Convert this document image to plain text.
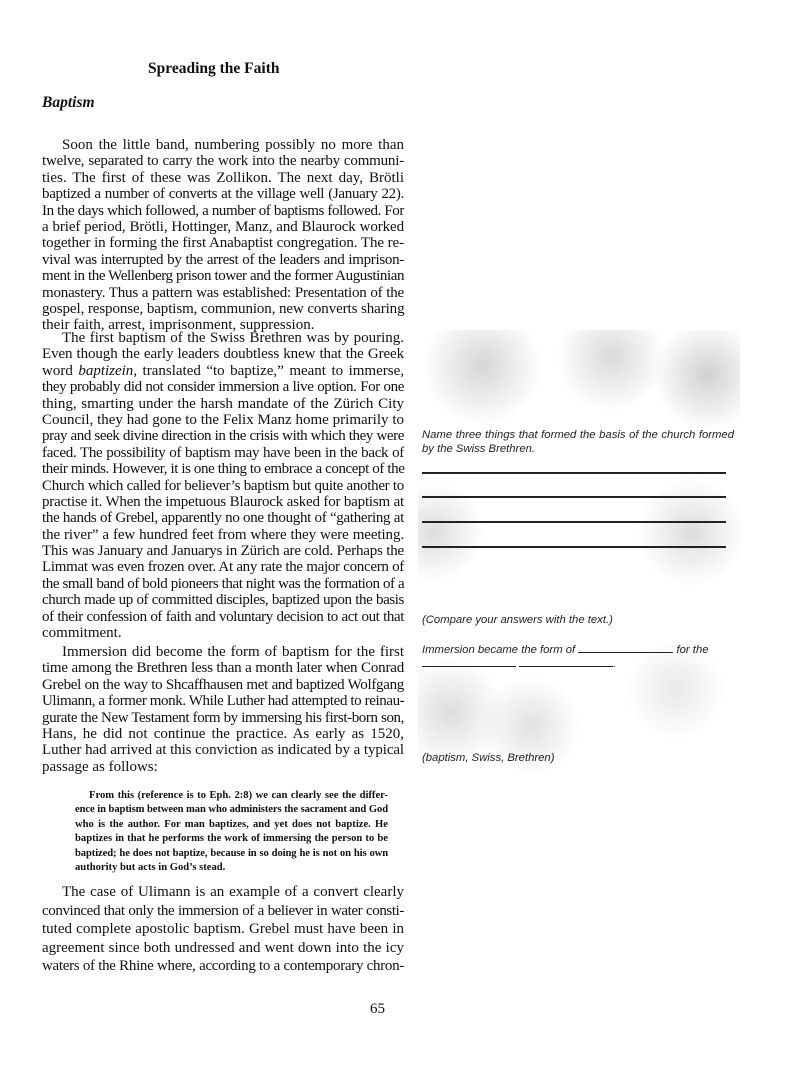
Spreading the Faith
Baptism
Soon the little band, numbering possibly no more than
twelve, separated to carry the work into the nearby communi-
ties. The first of these was Zollikon. The next day, Brötli
baptized a number of converts at the village well (January 22).
In the days which followed, a number of baptisms followed. For
a brief period, Brötli, Hottinger, Manz, and Blaurock worked
together in forming the first Anabaptist congregation. The re-
vival was interrupted by the arrest of the leaders and imprison-
ment in the Wellenberg prison tower and the former Augustinian
monastery. Thus a pattern was established: Presentation of the
gospel, response, baptism, communion, new converts sharing
their faith, arrest, imprisonment, suppression.
The first baptism of the Swiss Brethren was by pouring.
Even though the early leaders doubtless knew that the Greek
word baptizein, translated “to baptize,” meant to immerse,
they probably did not consider immersion a live option. For one
thing, smarting under the harsh mandate of the Zürich City
Council, they had gone to the Felix Manz home primarily to
pray and seek divine direction in the crisis with which they were
faced. The possibility of baptism may have been in the back of
their minds. However, it is one thing to embrace a concept of the
Church which called for believer’s baptism but quite another to
practise it. When the impetuous Blaurock asked for baptism at
the hands of Grebel, apparently no one thought of “gathering at
the river” a few hundred feet from where they were meeting.
This was January and Januarys in Zürich are cold. Perhaps the
Limmat was even frozen over. At any rate the major concern of
the small band of bold pioneers that night was the formation of a
church made up of committed disciples, baptized upon the basis
of their confession of faith and voluntary decision to act out that
commitment.
Immersion did become the form of baptism for the first
time among the Brethren less than a month later when Conrad
Grebel on the way to Shcaffhausen met and baptized Wolfgang
Ulimann, a former monk. While Luther had attempted to reinau-
gurate the New Testament form by immersing his first-born son,
Hans, he did not continue the practice. As early as 1520,
Luther had arrived at this conviction as indicated by a typical
passage as follows:
From this (reference is to Eph. 2:8) we can clearly see the differ-
ence in baptism between man who administers the sacrament and God
who is the author. For man baptizes, and yet does not baptize. He
baptizes in that he performs the work of immersing the person to be
baptized; he does not baptize, because in so doing he is not on his own
authority but acts in God’s stead.
The case of Ulimann is an example of a convert clearly
convinced that only the immersion of a believer in water consti-
tuted complete apostolic baptism. Grebel must have been in
agreement since both undressed and went down into the icy
waters of the Rhine where, according to a contemporary chron-
Name three things that formed the basis of the church formed by the Swiss Brethren.
(Compare your answers with the text.)
Immersion became the form of	for the
.
(baptism, Swiss, Brethren)
65
